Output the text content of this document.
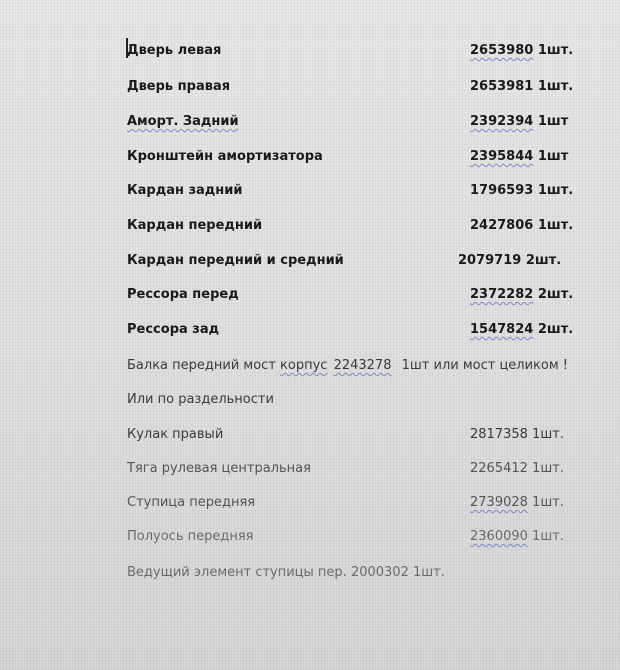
Дверь левая	2653980 1шт.
Дверь правая	2653981 1шт.
Аморт. Задний	2392394 1шт
Кронштейн амортизатора	2395844 1шт
Кардан задний	1796593 1шт.
Кардан передний	2427806 1шт.
Кардан передний и средний	2079719 2шт.
Рессора перед	2372282 2шт.
Рессора зад	1547824 2шт.
Балка передний мост корпус 2243278 1шт или мост целиком !
Или по раздельности
Кулак правый	2817358 1шт.
Тяга рулевая центральная	2265412 1шт.
Ступица передняя	2739028 1шт.
Полуось передняя	2360090 1шт.
Ведущий элемент ступицы пер. 2000302 1шт.
